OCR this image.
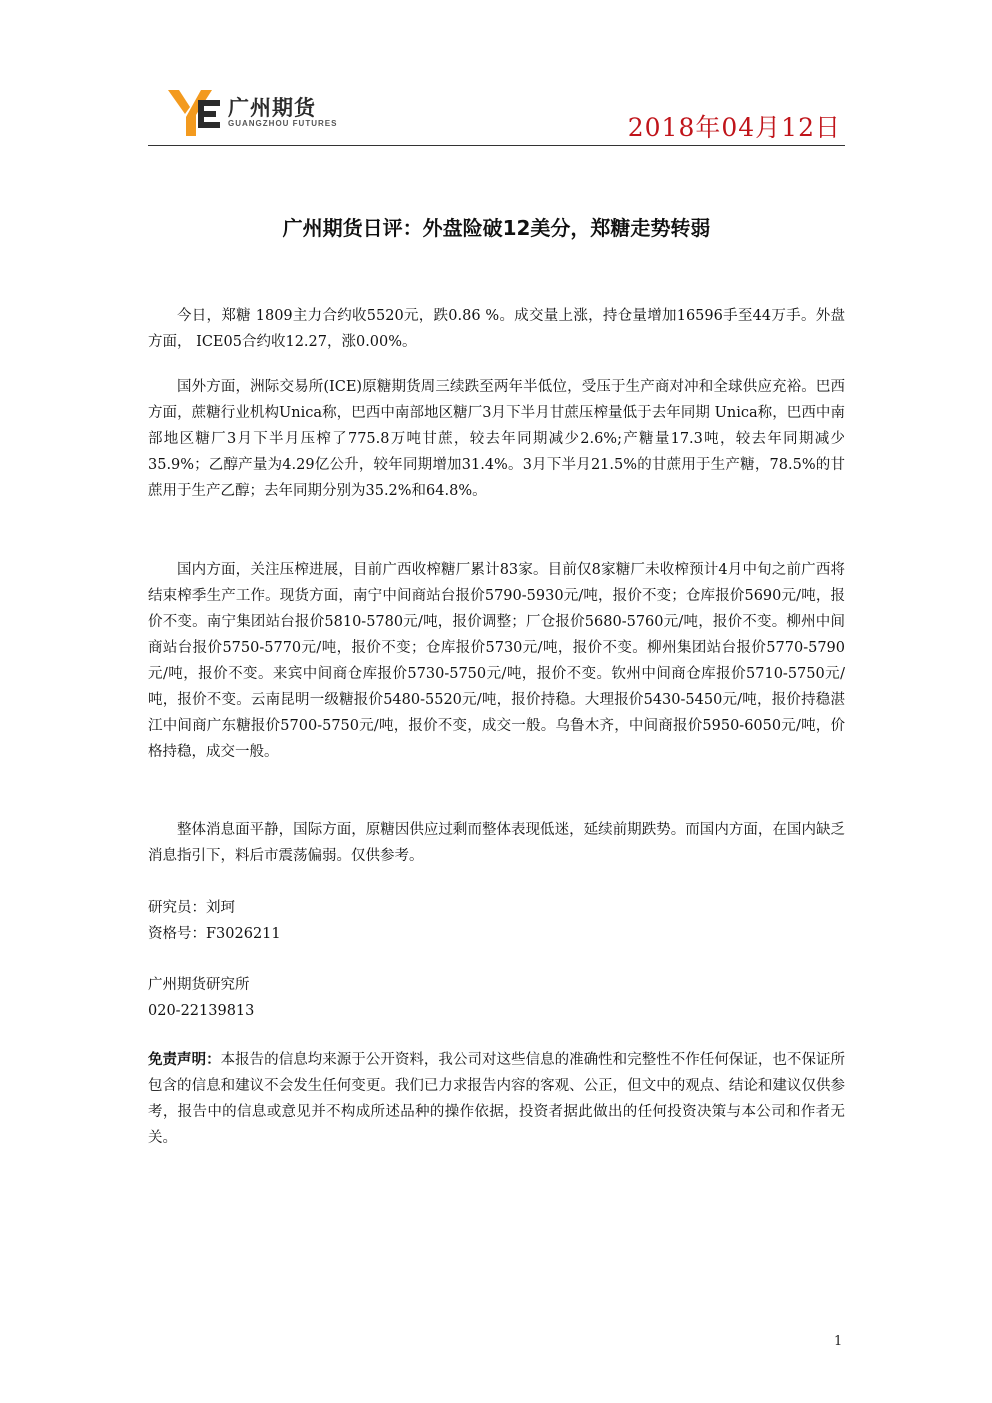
广州期货
GUANGZHOU FUTURES	2018年04月12日
广州期货日评：外盘险破12美分，郑糖走势转弱

今日，郑糖 1809主力合约收5520元，跌0.86 %。成交量上涨，持仓量增加16596手至44万手。外盘方面， ICE05合约收12.27，涨0.00%。

国外方面，洲际交易所(ICE)原糖期货周三续跌至两年半低位，受压于生产商对冲和全球供应充裕。巴西方面，蔗糖行业机构Unica称，巴西中南部地区糖厂3月下半月甘蔗压榨量低于去年同期 Unica称，巴西中南部地区糖厂3月下半月压榨了775.8万吨甘蔗，较去年同期减少2.6%;产糖量17.3吨，较去年同期减少35.9%；乙醇产量为4.29亿公升，较年同期增加31.4%。3月下半月21.5%的甘蔗用于生产糖，78.5%的甘蔗用于生产乙醇；去年同期分别为35.2%和64.8%。

国内方面，关注压榨进展，目前广西收榨糖厂累计83家。目前仅8家糖厂未收榨预计4月中旬之前广西将结束榨季生产工作。现货方面，南宁中间商站台报价5790-5930元/吨，报价不变；仓库报价5690元/吨，报价不变。南宁集团站台报价5810-5780元/吨，报价调整；厂仓报价5680-5760元/吨，报价不变。柳州中间商站台报价5750-5770元/吨，报价不变；仓库报价5730元/吨，报价不变。柳州集团站台报价5770-5790元/吨，报价不变。来宾中间商仓库报价5730-5750元/吨，报价不变。钦州中间商仓库报价5710-5750元/吨，报价不变。云南昆明一级糖报价5480-5520元/吨，报价持稳。大理报价5430-5450元/吨，报价持稳湛江中间商广东糖报价5700-5750元/吨，报价不变，成交一般。乌鲁木齐，中间商报价5950-6050元/吨，价格持稳，成交一般。

整体消息面平静，国际方面，原糖因供应过剩而整体表现低迷，延续前期跌势。而国内方面，在国内缺乏消息指引下，料后市震荡偏弱。仅供参考。

研究员：刘珂
资格号：F3026211
广州期货研究所
020-22139813
免责声明：本报告的信息均来源于公开资料，我公司对这些信息的准确性和完整性不作任何保证，也不保证所包含的信息和建议不会发生任何变更。我们已力求报告内容的客观、公正，但文中的观点、结论和建议仅供参考，报告中的信息或意见并不构成所述品种的操作依据，投资者据此做出的任何投资决策与本公司和作者无关。
1
